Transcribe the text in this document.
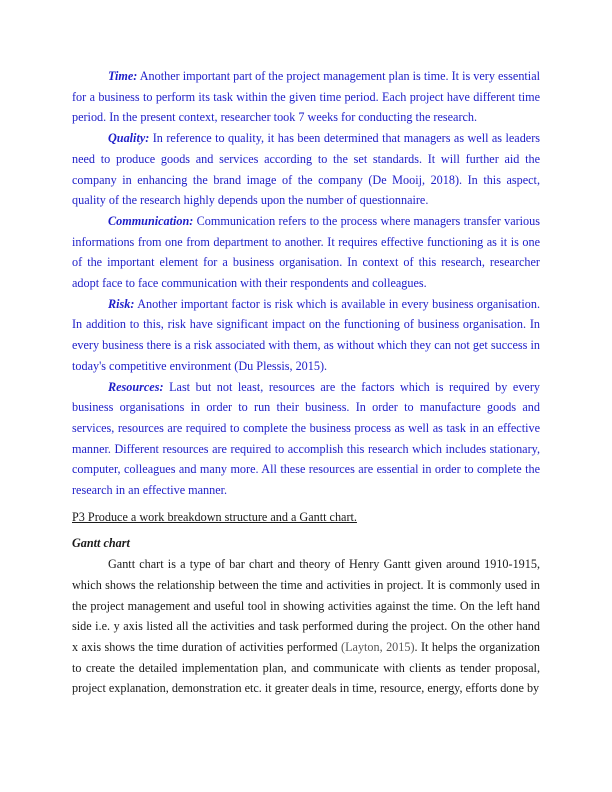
Time: Another important part of the project management plan is time. It is very essential for a business to perform its task within the given time period. Each project have different time period. In the present context, researcher took 7 weeks for conducting the research.

Quality: In reference to quality, it has been determined that managers as well as leaders need to produce goods and services according to the set standards. It will further aid the company in enhancing the brand image of the company (De Mooij, 2018). In this aspect, quality of the research highly depends upon the number of questionnaire.

Communication: Communication refers to the process where managers transfer various informations from one from department to another. It requires effective functioning as it is one of the important element for a business organisation. In context of this research, researcher adopt face to face communication with their respondents and colleagues.

Risk: Another important factor is risk which is available in every business organisation. In addition to this, risk have significant impact on the functioning of business organisation. In every business there is a risk associated with them, as without which they can not get success in today's competitive environment (Du Plessis, 2015).

Resources: Last but not least, resources are the factors which is required by every business organisations in order to run their business. In order to manufacture goods and services, resources are required to complete the business process as well as task in an effective manner. Different resources are required to accomplish this research which includes stationary, computer, colleagues and many more. All these resources are essential in order to complete the research in an effective manner.

P3 Produce a work breakdown structure and a Gantt chart.

Gantt chart

Gantt chart is a type of bar chart and theory of Henry Gantt given around 1910-1915, which shows the relationship between the time and activities in project. It is commonly used in the project management and useful tool in showing activities against the time. On the left hand side i.e. y axis listed all the activities and task performed during the project. On the other hand x axis shows the time duration of activities performed (Layton, 2015). It helps the organization to create the detailed implementation plan, and communicate with clients as tender proposal, project explanation, demonstration etc. it greater deals in time, resource, energy, efforts done by
